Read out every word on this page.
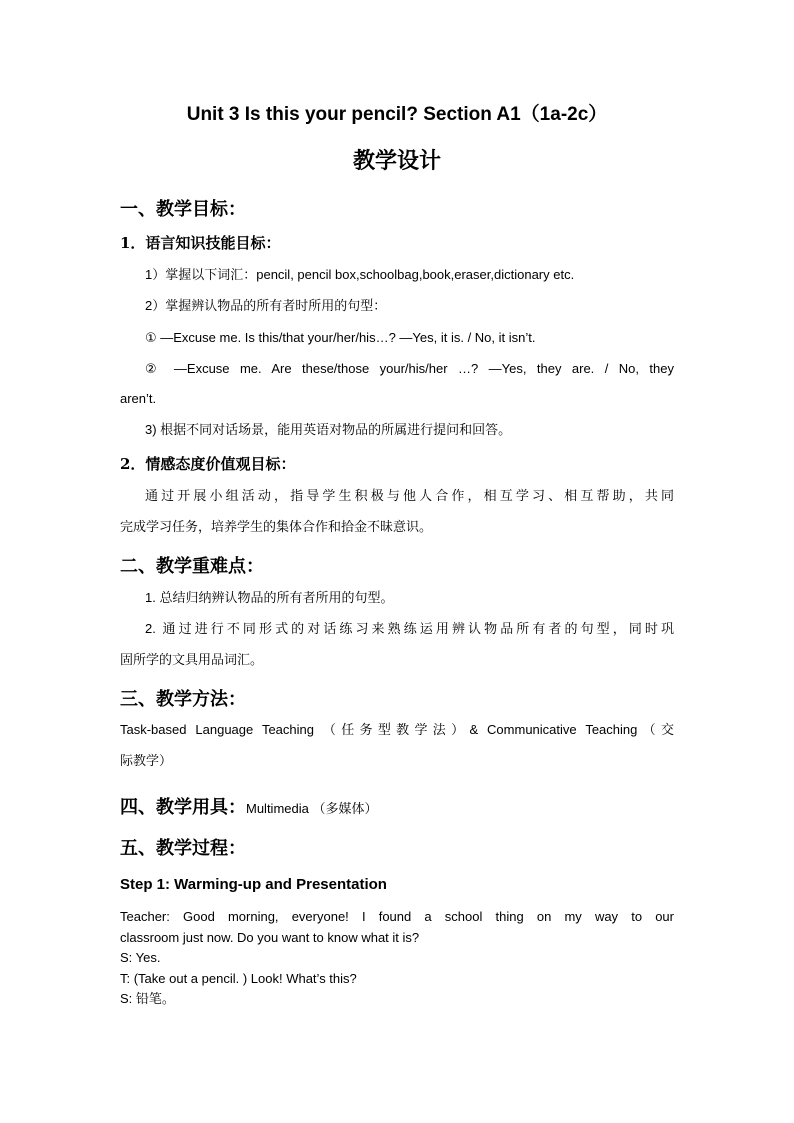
Unit 3 Is this your pencil? Section A1（1a-2c）
教学设计
一、教学目标：
1．语言知识技能目标：
1）掌握以下词汇：pencil, pencil box,schoolbag,book,eraser,dictionary etc.
2）掌握辨认物品的所有者时所用的句型：
① —Excuse me. Is this/that your/her/his…? —Yes, it is. / No, it isn’t.
② —Excuse me. Are these/those your/his/her …? —Yes, they are. / No, they
aren’t.
3) 根据不同对话场景，能用英语对物品的所属进行提问和回答。
2．情感态度价值观目标：
通过开展小组活动，指导学生积极与他人合作，相互学习、相互帮助，共同
完成学习任务，培养学生的集体合作和拾金不昧意识。
二、教学重难点：
1. 总结归纳辨认物品的所有者所用的句型。
2. 通过进行不同形式的对话练习来熟练运用辨认物品所有者的句型，同时巩
固所学的文具用品词汇。
三、教学方法：
Task-based Language Teaching （任务型教学法）& Communicative Teaching（交
际教学）
四、教学用具：Multimedia （多媒体）
五、教学过程：
Step 1: Warming-up and Presentation
Teacher: Good morning, everyone! I found a school thing on my way to our
classroom just now. Do you want to know what it is?
S: Yes.
T: (Take out a pencil. ) Look! What’s this?
S: 铅笔。
